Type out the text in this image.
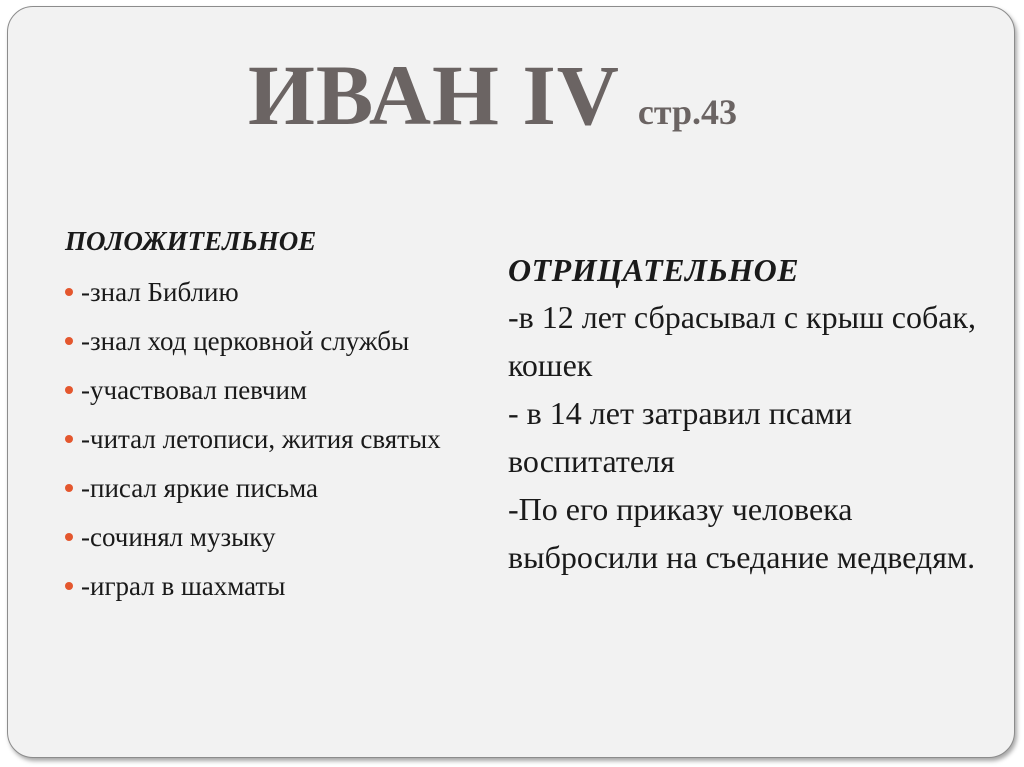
ИВАН IV стр.43
ПОЛОЖИТЕЛЬНОЕ
-знал Библию
-знал ход церковной службы
-участвовал певчим
-читал летописи, жития святых
-писал яркие письма
-сочинял музыку
-играл в шахматы
ОТРИЦАТЕЛЬНОЕ
-в 12 лет сбрасывал с крыш собак, кошек
- в 14 лет затравил псами воспитателя
-По его приказу человека выбросили на съедание медведям.
